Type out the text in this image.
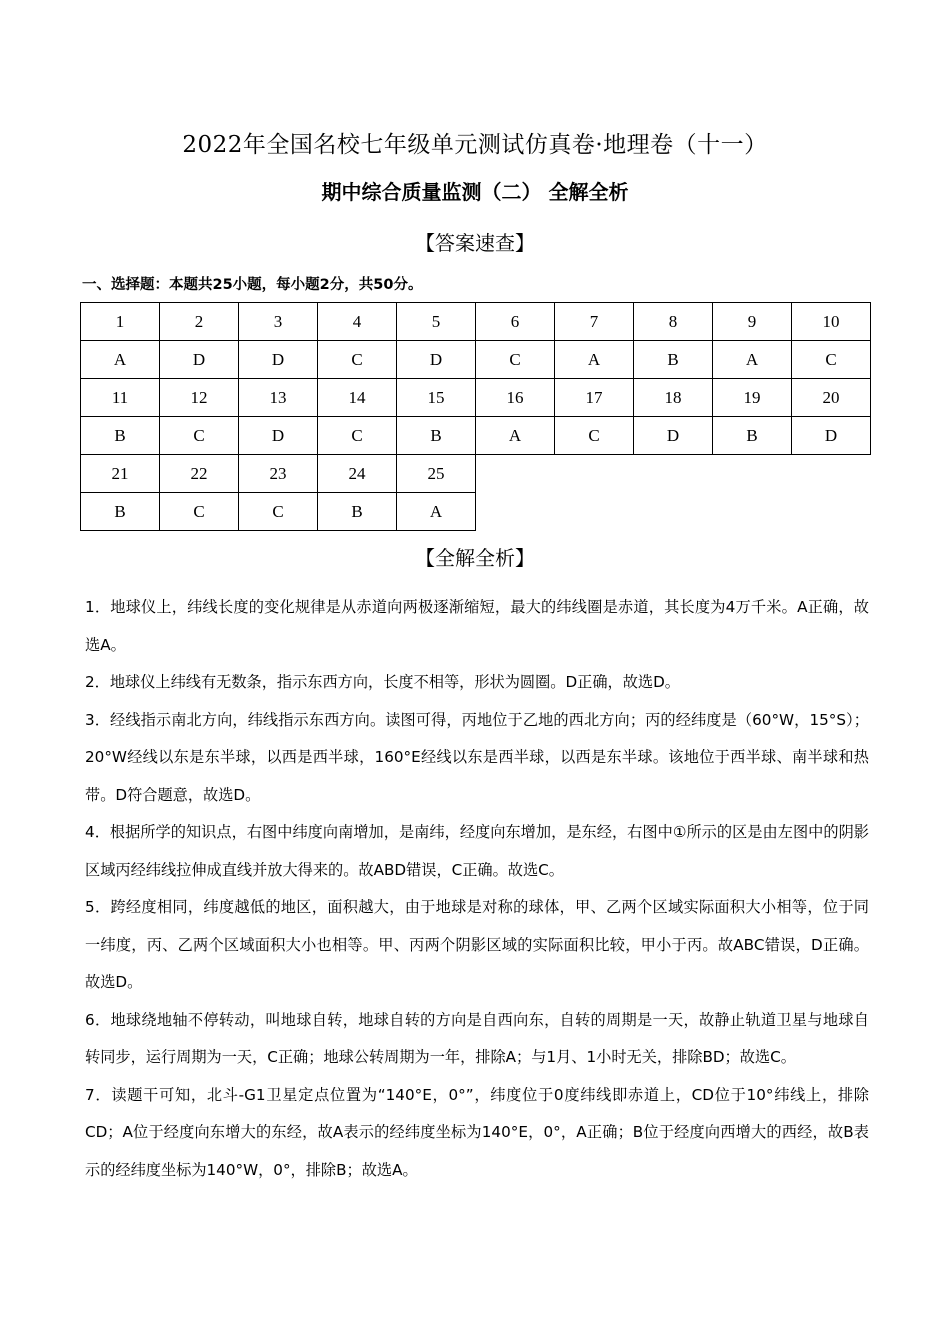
2022年全国名校七年级单元测试仿真卷·地理卷（十一）
期中综合质量监测（二） 全解全析
【答案速查】
一、选择题：本题共25小题，每小题2分，共50分。
1	2	3	4	5	6	7	8	9	10
A	D	D	C	D	C	A	B	A	C
11	12	13	14	15	16	17	18	19	20
B	C	D	C	B	A	C	D	B	D
21	22	23	24	25					
B	C	C	B	A					
【全解全析】

1．地球仪上，纬线长度的变化规律是从赤道向两极逐渐缩短，最大的纬线圈是赤道，其长度为4万千米。A正确，故选A。

2．地球仪上纬线有无数条，指示东西方向，长度不相等，形状为圆圈。D正确，故选D。

3．经线指示南北方向，纬线指示东西方向。读图可得，丙地位于乙地的西北方向；丙的经纬度是（60°W，15°S）；20°W经线以东是东半球，以西是西半球，160°E经线以东是西半球，以西是东半球。该地位于西半球、南半球和热带。D符合题意，故选D。

4．根据所学的知识点，右图中纬度向南增加，是南纬，经度向东增加，是东经，右图中①所示的区是由左图中的阴影区域丙经纬线拉伸成直线并放大得来的。故ABD错误，C正确。故选C。

5．跨经度相同，纬度越低的地区，面积越大，由于地球是对称的球体，甲、乙两个区域实际面积大小相等，位于同一纬度，丙、乙两个区域面积大小也相等。甲、丙两个阴影区域的实际面积比较，甲小于丙。故ABC错误，D正确。故选D。

6．地球绕地轴不停转动，叫地球自转，地球自转的方向是自西向东，自转的周期是一天，故静止轨道卫星与地球自转同步，运行周期为一天，C正确；地球公转周期为一年，排除A；与1月、1小时无关，排除BD；故选C。

7．读题干可知，北斗-G1卫星定点位置为“140°E，0°”，纬度位于0度纬线即赤道上，CD位于10°纬线上，排除CD；A位于经度向东增大的东经，故A表示的经纬度坐标为140°E，0°，A正确；B位于经度向西增大的西经，故B表示的经纬度坐标为140°W，0°，排除B；故选A。
